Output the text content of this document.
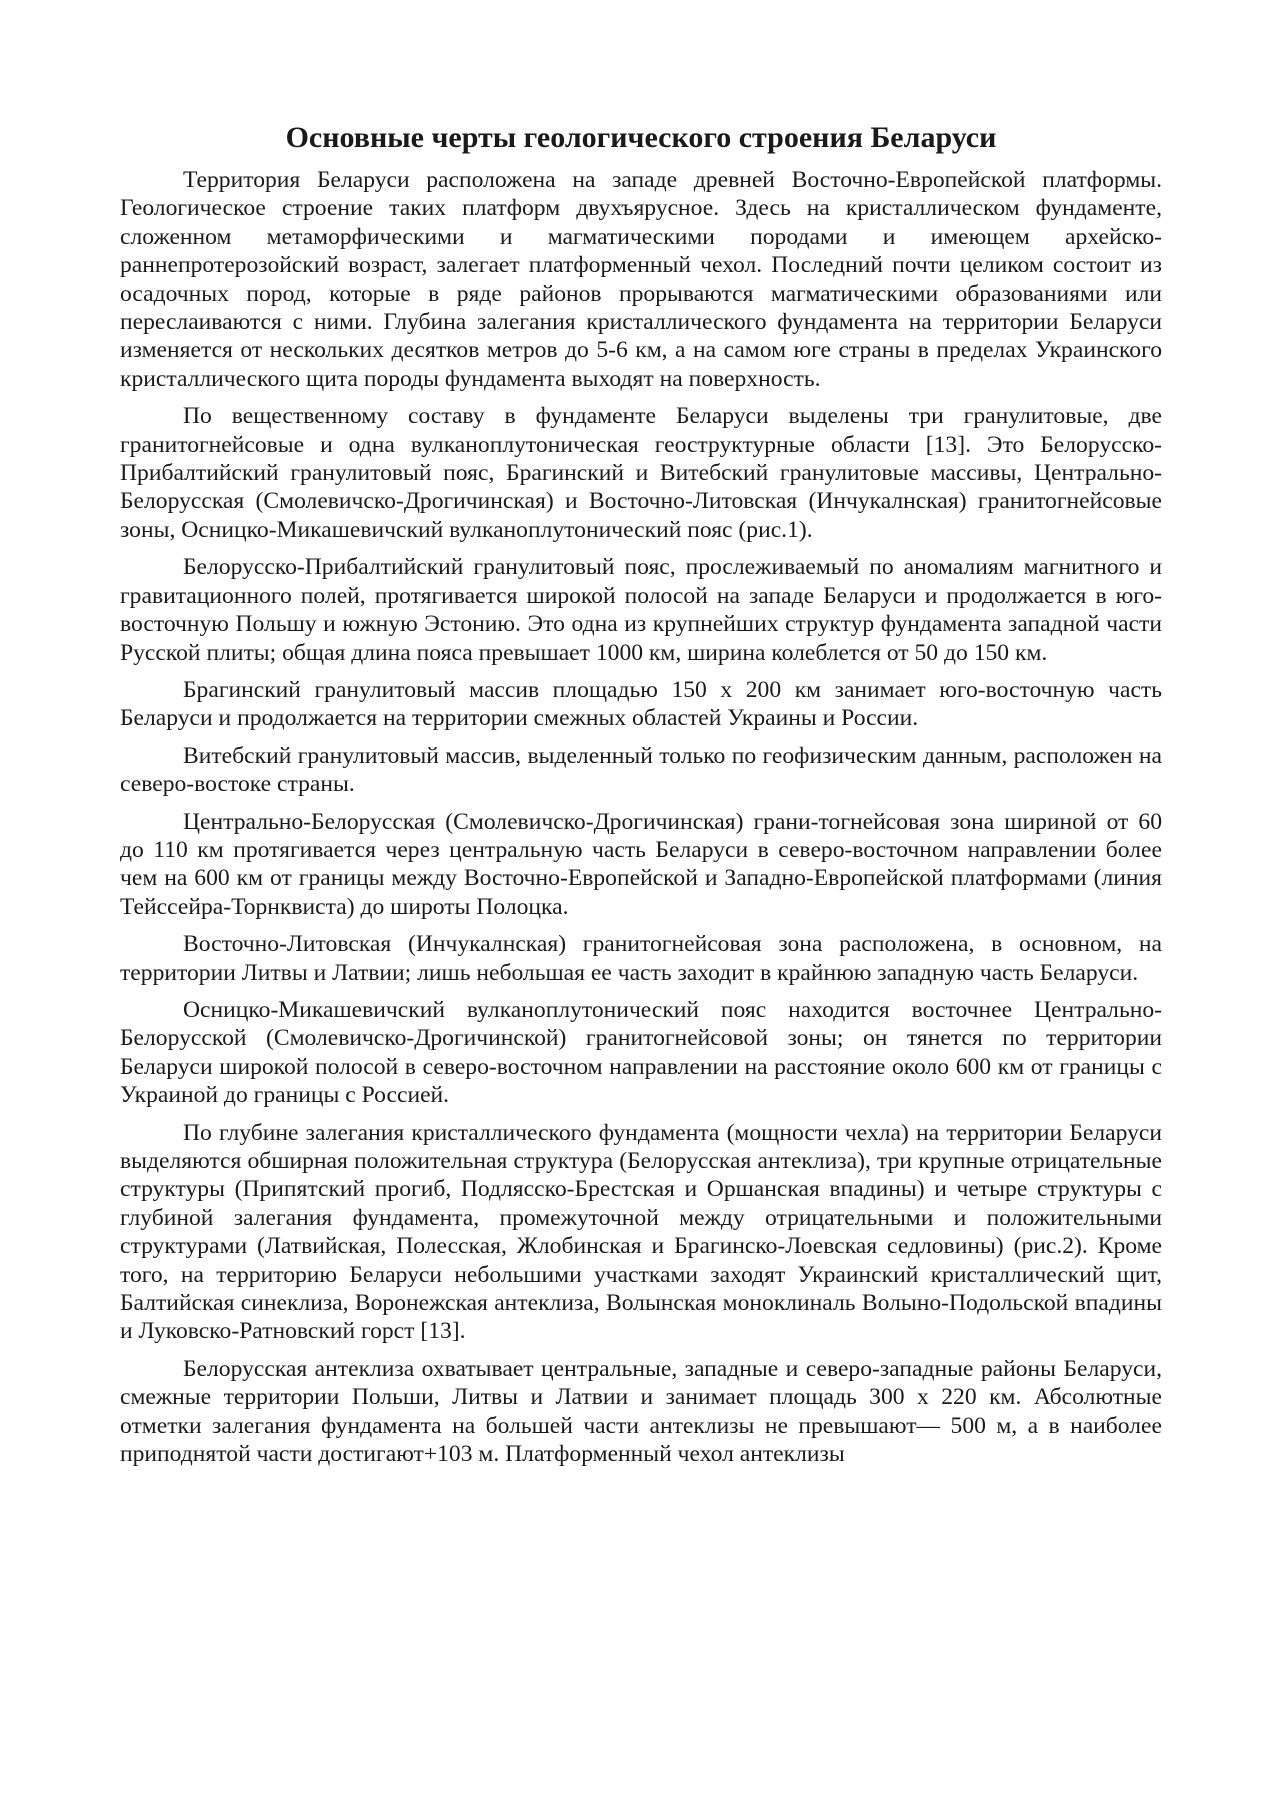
Основные черты геологического строения Беларуси

Территория Беларуси расположена на западе древней Восточно-Европейской платформы. Геологическое строение таких платформ двухъярусное. Здесь на кристаллическом фундаменте, сложенном метаморфическими и магматическими породами и имеющем архейско-раннепротерозойский возраст, залегает платформенный чехол. Последний почти целиком состоит из осадочных пород, которые в ряде районов прорываются магматическими образованиями или переслаиваются с ними. Глубина залегания кристаллического фундамента на территории Беларуси изменяется от нескольких десятков метров до 5-6 км, а на самом юге страны в пределах Украинского кристаллического щита породы фундамента выходят на поверхность.

По вещественному составу в фундаменте Беларуси выделены три гранулитовые, две гранитогнейсовые и одна вулканоплутоническая геоструктурные области [13]. Это Белорусско-Прибалтийский гранулитовый пояс, Брагинский и Витебский гранулитовые массивы, Центрально-Белорусская (Смолевичско-Дрогичинская) и Восточно-Литовская (Инчукалнская) гранитогнейсовые зоны, Осницко-Микашевичский вулканоплутонический пояс (рис.1).

Белорусско-Прибалтийский гранулитовый пояс, прослеживаемый по аномалиям магнитного и гравитационного полей, протягивается широкой полосой на западе Беларуси и продолжается в юго-восточную Польшу и южную Эстонию. Это одна из крупнейших структур фундамента западной части Русской плиты; общая длина пояса превышает 1000 км, ширина колеблется от 50 до 150 км.

Брагинский гранулитовый массив площадью 150 х 200 км занимает юго-восточную часть Беларуси и продолжается на территории смежных областей Украины и России.

Витебский гранулитовый массив, выделенный только по геофизическим данным, расположен на северо-востоке страны.

Центрально-Белорусская (Смолевичско-Дрогичинская) грани-тогнейсовая зона шириной от 60 до 110 км протягивается через центральную часть Беларуси в северо-восточном направлении более чем на 600 км от границы между Восточно-Европейской и Западно-Европейской платформами (линия Тейссейра-Торнквиста) до широты Полоцка.

Восточно-Литовская (Инчукалнская) гранитогнейсовая зона расположена, в основном, на территории Литвы и Латвии; лишь небольшая ее часть заходит в крайнюю западную часть Беларуси.

Осницко-Микашевичский вулканоплутонический пояс находится восточнее Центрально-Белорусской (Смолевичско-Дрогичинской) гранитогнейсовой зоны; он тянется по территории Беларуси широкой полосой в северо-восточном направлении на расстояние около 600 км от границы с Украиной до границы с Россией.

По глубине залегания кристаллического фундамента (мощности чехла) на территории Беларуси выделяются обширная положительная структура (Белорусская антеклиза), три крупные отрицательные структуры (Припятский прогиб, Подлясско-Брестская и Оршанская впадины) и четыре структуры с глубиной залегания фундамента, промежуточной между отрицательными и положительными структурами (Латвийская, Полесская, Жлобинская и Брагинско-Лоевская седловины) (рис.2). Кроме того, на территорию Беларуси небольшими участками заходят Украинский кристаллический щит, Балтийская синеклиза, Воронежская антеклиза, Волынская моноклиналь Волыно-Подольской впадины и Луковско-Ратновский горст [13].

Белорусская антеклиза охватывает центральные, западные и северо-западные районы Беларуси, смежные территории Польши, Литвы и Латвии и занимает площадь 300 х 220 км. Абсолютные отметки залегания фундамента на большей части антеклизы не превышают— 500 м, а в наиболее приподнятой части достигают+103 м. Платформенный чехол антеклизы
